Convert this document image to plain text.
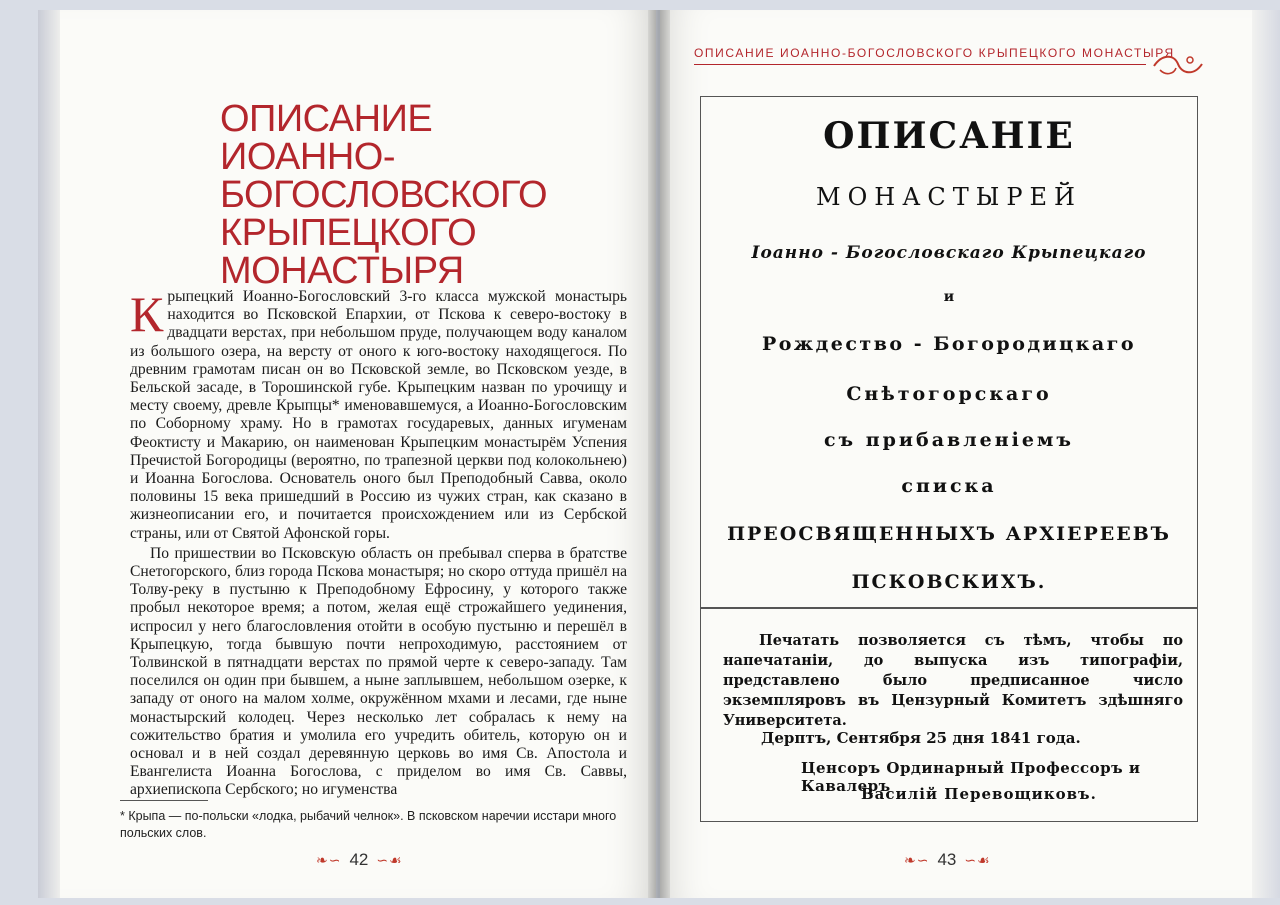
ОПИСАНИЕ ИОАННО-
БОГОСЛОВСКОГО
КРЫПЕЦКОГО
МОНАСТЫРЯ

Крыпецкий Иоанно-Богословский 3-го класса мужской монастырь находится во Псковской Епархии, от Пскова к северо-востоку в двадцати верстах, при небольшом пруде, получающем воду каналом из большого озера, на версту от оного к юго-востоку находящегося. По древним грамотам писан он во Псковской земле, во Псковском уезде, в Бельской засаде, в Торошинской губе. Крыпецким назван по урочищу и месту своему, древле Крыпцы* именовавшемуся, а Иоанно-Богословским по Соборному храму. Но в грамотах государевых, данных игуменам Феоктисту и Макарию, он наименован Крыпецким монастырём Успения Пречистой Богородицы (вероятно, по трапезной церкви под колокольнею) и Иоанна Богослова. Основатель оного был Преподобный Савва, около половины 15 века пришедший в Россию из чужих стран, как сказано в жизнеописании его, и почитается происхождением или из Сербской страны, или от Святой Афонской горы.

По пришествии во Псковскую область он пребывал сперва в братстве Снетогорского, близ города Пскова монастыря; но скоро оттуда пришёл на Толву-реку в пустыню к Преподобному Ефросину, у которого также пробыл некоторое время; а потом, желая ещё строжайшего уединения, испросил у него благословления отойти в особую пустыню и перешёл в Крыпецкую, тогда бывшую почти непроходимую, расстоянием от Толвинской в пятнадцати верстах по прямой черте к северо-западу. Там поселился он один при бывшем, а ныне заплывшем, небольшом озерке, к западу от оного на малом холме, окружённом мхами и лесами, где ныне монастырский колодец. Через несколько лет собралась к нему на сожительство братия и умолила его учредить обитель, которую он и основал и в ней создал деревянную церковь во имя Св. Апостола и Евангелиста Иоанна Богослова, с приделом во имя Св. Саввы, архиепископа Сербского; но игуменства

* Крыпа — по-польски «лодка, рыбачий челнок». В псковском наречии исстари много польских слов.
❧∽ 42 ∽☙
ОПИСАНИЕ ИОАННО-БОГОСЛОВСКОГО КРЫПЕЦКОГО МОНАСТЫРЯ
ОПИСАНІЕ
МОНАСТЫРЕЙ
Іоанно - Богословскаго Крыпецкаго
и
Рождество - Богородицкаго
Снѣтогорскаго
съ прибавленіемъ
списка
ПРЕОСВЯЩЕННЫХЪ АРХІЕРЕЕВЪ
ПСКОВСКИХЪ.
Печатать позволяется съ тѣмъ, чтобы по напечатаніи, до выпуска изъ типографіи, представлено было предписанное число экземпляровъ въ Цензурный Комитетъ здѣшняго Университета.
Дерптъ, Сентября 25 дня 1841 года.
Ценсоръ Ординарный Профессоръ и Кавалеръ
Василій Перевощиковъ.
❧∽ 43 ∽☙
